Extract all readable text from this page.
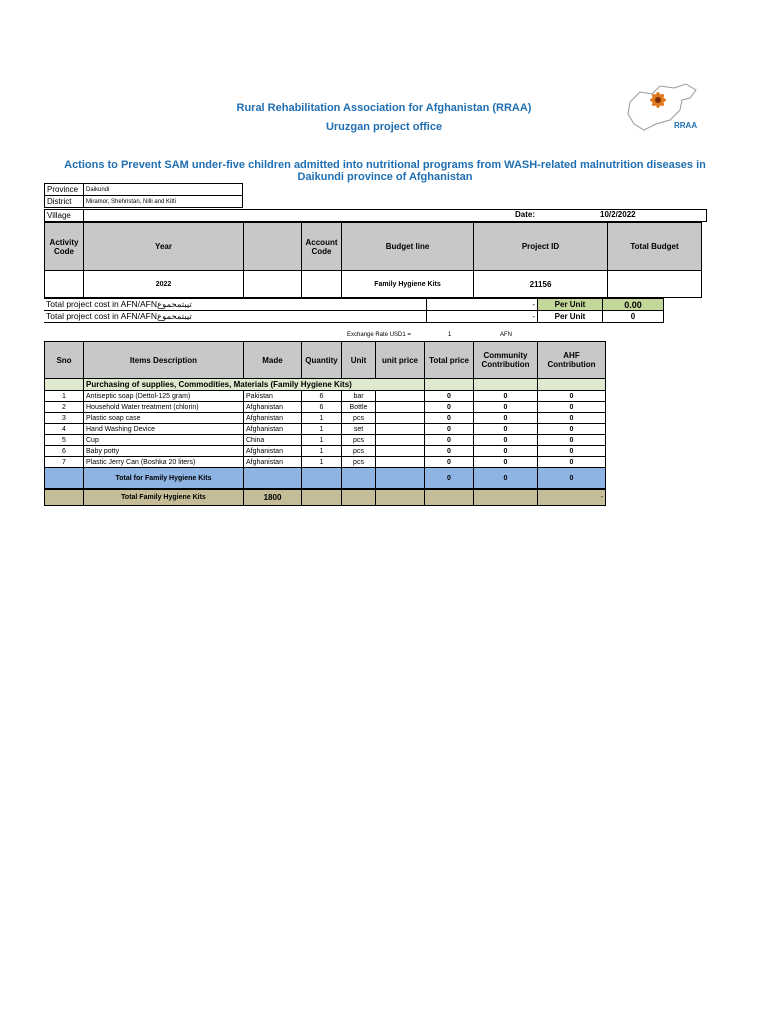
Rural Rehabilitation Association for Afghanistan (RRAA)
Uruzgan project office	RRAA
Actions to Prevent SAM under-five children admitted into nutritional programs from WASH-related malnutrition diseases in Daikundi province of Afghanistan
Province	Daikundi
District	Miramor, Shehristan, Nilli and Kitti
Village		Date:	10/2/2022
Activity Code	Year		Account Code	Budget line	Project ID	Total Budget
	2022			Family Hygiene Kits	21156	
Total project cost in AFN/AFNتیبتمحموع	-	Per Unit	0.00
Total project cost in AFN/AFNتیبتمحموع	-	Per Unit	0
Exchange Rate USD1 =	1	AFN
Sno	Items Description	Made	Quantity	Unit	unit price	Total price	Community Contribution	AHF Contribution
	Purchasing of supplies, Commodities, Materials (Family Hygiene Kits)							
1	Antiseptic soap (Dettol-125 gram)	Pakistan	6	bar		0	0	0
2	Household Water treatment (chlorin)	Afghanistan	6	Bottle		0	0	0
3	Plastic soap case	Afghanistan	1	pcs		0	0	0
4	Hand Washing Device	Afghanistan	1	set		0	0	0
5	Cup	China	1	pcs		0	0	0
6	Baby potty	Afghanistan	1	pcs		0	0	0
7	Plastic Jerry Can (Boshka 20 liters)	Afghanistan	1	pcs		0	0	0
	Total for Family Hygiene Kits					0	0	0
	Total Family Hygiene Kits	1800						-
